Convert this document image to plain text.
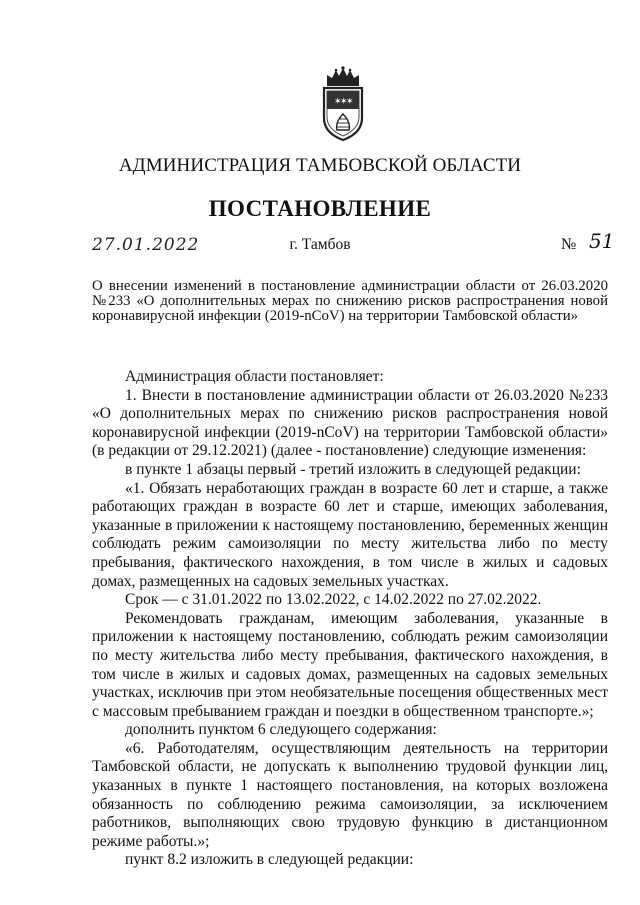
✶
✶
✶
АДМИНИСТРАЦИЯ ТАМБОВСКОЙ ОБЛАСТИ
ПОСТАНОВЛЕНИЕ
27.01.2022	г. Тамбов	№ 51
О внесении изменений в постановление администрации области от 26.03.2020 №233 «О дополнительных мерах по снижению рисков распространения новой коронавирусной инфекции (2019-nCoV) на территории Тамбовской области»

Администрация области постановляет:

1. Внести в постановление администрации области от 26.03.2020 №233 «О дополнительных мерах по снижению рисков распространения новой коронавирусной инфекции (2019-nCoV) на территории Тамбовской области» (в редакции от 29.12.2021) (далее - постановление) следующие изменения:

в пункте 1 абзацы первый - третий изложить в следующей редакции:

«1. Обязать неработающих граждан в возрасте 60 лет и старше, а также работающих граждан в возрасте 60 лет и старше, имеющих заболевания, указанные в приложении к настоящему постановлению, беременных женщин соблюдать режим самоизоляции по месту жительства либо по месту пребывания, фактического нахождения, в том числе в жилых и садовых домах, размещенных на садовых земельных участках.

Срок — с 31.01.2022 по 13.02.2022, с 14.02.2022 по 27.02.2022.

Рекомендовать гражданам, имеющим заболевания, указанные в приложении к настоящему постановлению, соблюдать режим самоизоляции по месту жительства либо месту пребывания, фактического нахождения, в том числе в жилых и садовых домах, размещенных на садовых земельных участках, исключив при этом необязательные посещения общественных мест с массовым пребыванием граждан и поездки в общественном транспорте.»;

дополнить пунктом 6 следующего содержания:

«6. Работодателям, осуществляющим деятельность на территории Тамбовской области, не допускать к выполнению трудовой функции лиц, указанных в пункте 1 настоящего постановления, на которых возложена обязанность по соблюдению режима самоизоляции, за исключением работников, выполняющих свою трудовую функцию в дистанционном режиме работы.»;

пункт 8.2 изложить в следующей редакции:
